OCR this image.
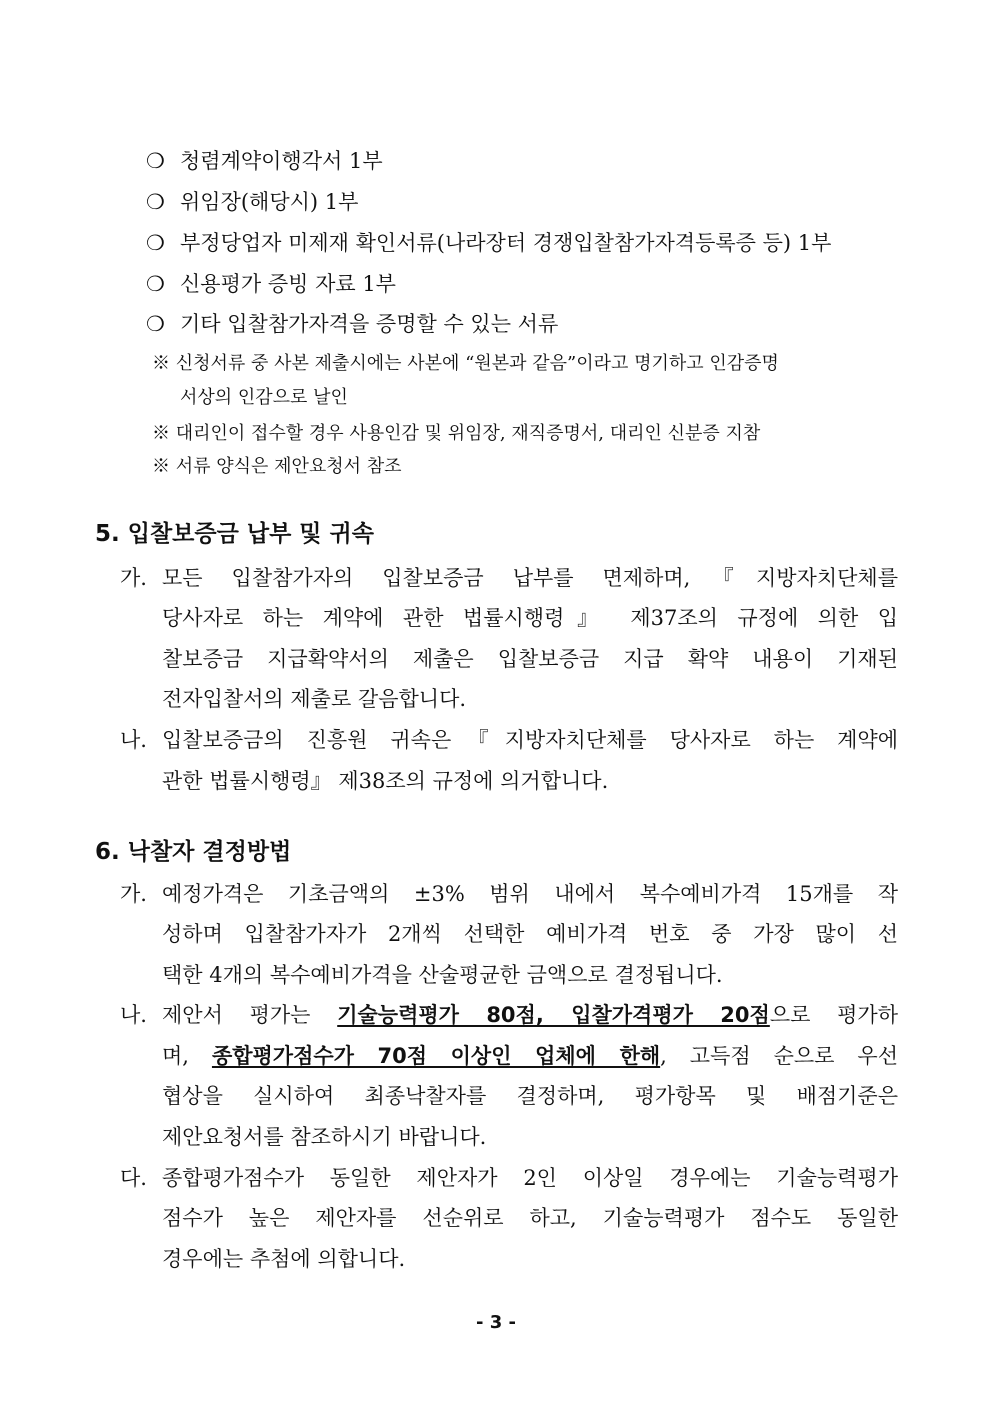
❍ 청렴계약이행각서 1부
❍ 위임장(해당시) 1부
❍ 부정당업자 미제재 확인서류(나라장터 경쟁입찰참가자격등록증 등) 1부
❍ 신용평가 증빙 자료 1부
❍ 기타 입찰참가자격을 증명할 수 있는 서류
※ 신청서류 중 사본 제출시에는 사본에 “원본과 같음”이라고 명기하고 인감증명
서상의 인감으로 날인
※ 대리인이 접수할 경우 사용인감 및 위임장, 재직증명서, 대리인 신분증 지참
※ 서류 양식은 제안요청서 참조
5. 입찰보증금 납부 및 귀속
가. 모든 입찰참가자의 입찰보증금 납부를 면제하며,『지방자치단체를
당사자로 하는 계약에 관한 법률시행령』 제37조의 규정에 의한 입
찰보증금 지급확약서의 제출은 입찰보증금 지급 확약 내용이 기재된
전자입찰서의 제출로 갈음합니다.
나. 입찰보증금의 진흥원 귀속은『지방자치단체를 당사자로 하는 계약에
관한 법률시행령』 제38조의 규정에 의거합니다.
6. 낙찰자 결정방법
가. 예정가격은 기초금액의 ±3% 범위 내에서 복수예비가격 15개를 작
성하며 입찰참가자가 2개씩 선택한 예비가격 번호 중 가장 많이 선
택한 4개의 복수예비가격을 산술평균한 금액으로 결정됩니다.
나. 제안서 평가는 기술능력평가 80점, 입찰가격평가 20점으로 평가하
며, 종합평가점수가 70점 이상인 업체에 한해, 고득점 순으로 우선
협상을 실시하여 최종낙찰자를 결정하며, 평가항목 및 배점기준은
제안요청서를 참조하시기 바랍니다.
다. 종합평가점수가 동일한 제안자가 2인 이상일 경우에는 기술능력평가
점수가 높은 제안자를 선순위로 하고, 기술능력평가 점수도 동일한
경우에는 추첨에 의합니다.
- 3 -
